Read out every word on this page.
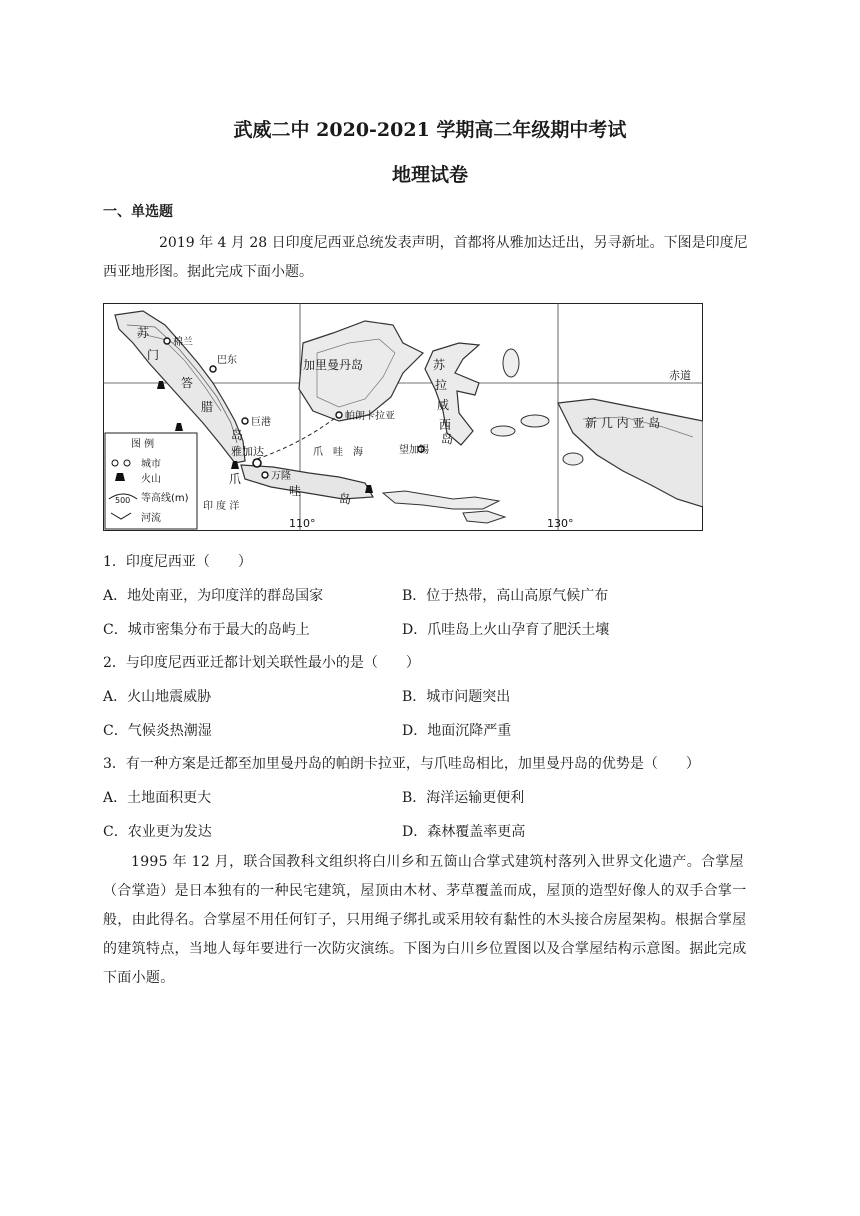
武威二中 2020-2021 学期高二年级期中考试
地理试卷
一、单选题
2019 年 4 月 28 日印度尼西亚总统发表声明，首都将从雅加达迁出，另寻新址。下图是印度尼西亚地形图。据此完成下面小题。
苏
门
答
腊
岛
棉兰
巴东
巨港
雅加达
加里曼丹岛
帕朗卡拉亚
苏
拉
威
西
岛
望加锡
爪 哇 海
爪
哇
岛
万隆
新 几 内 亚 岛
赤道
印 度 洋
110°	130°
图 例
城市
火山
500 等高线(m)
河流
1．印度尼西亚（　　）
A．地处南亚，为印度洋的群岛国家	B．位于热带，高山高原气候广布
C．城市密集分布于最大的岛屿上	D．爪哇岛上火山孕育了肥沃土壤
2．与印度尼西亚迁都计划关联性最小的是（　　）
A．火山地震威胁	B．城市问题突出
C．气候炎热潮湿	D．地面沉降严重
3．有一种方案是迁都至加里曼丹岛的帕朗卡拉亚，与爪哇岛相比，加里曼丹岛的优势是（　　）
A．土地面积更大	B．海洋运输更便利
C．农业更为发达	D．森林覆盖率更高
1995 年 12 月，联合国教科文组织将白川乡和五箇山合掌式建筑村落列入世界文化遗产。合掌屋（合掌造）是日本独有的一种民宅建筑，屋顶由木材、茅草覆盖而成，屋顶的造型好像人的双手合掌一般，由此得名。合掌屋不用任何钉子，只用绳子绑扎或采用较有黏性的木头接合房屋架构。根据合掌屋的建筑特点，当地人每年要进行一次防灾演练。下图为白川乡位置图以及合掌屋结构示意图。据此完成下面小题。
